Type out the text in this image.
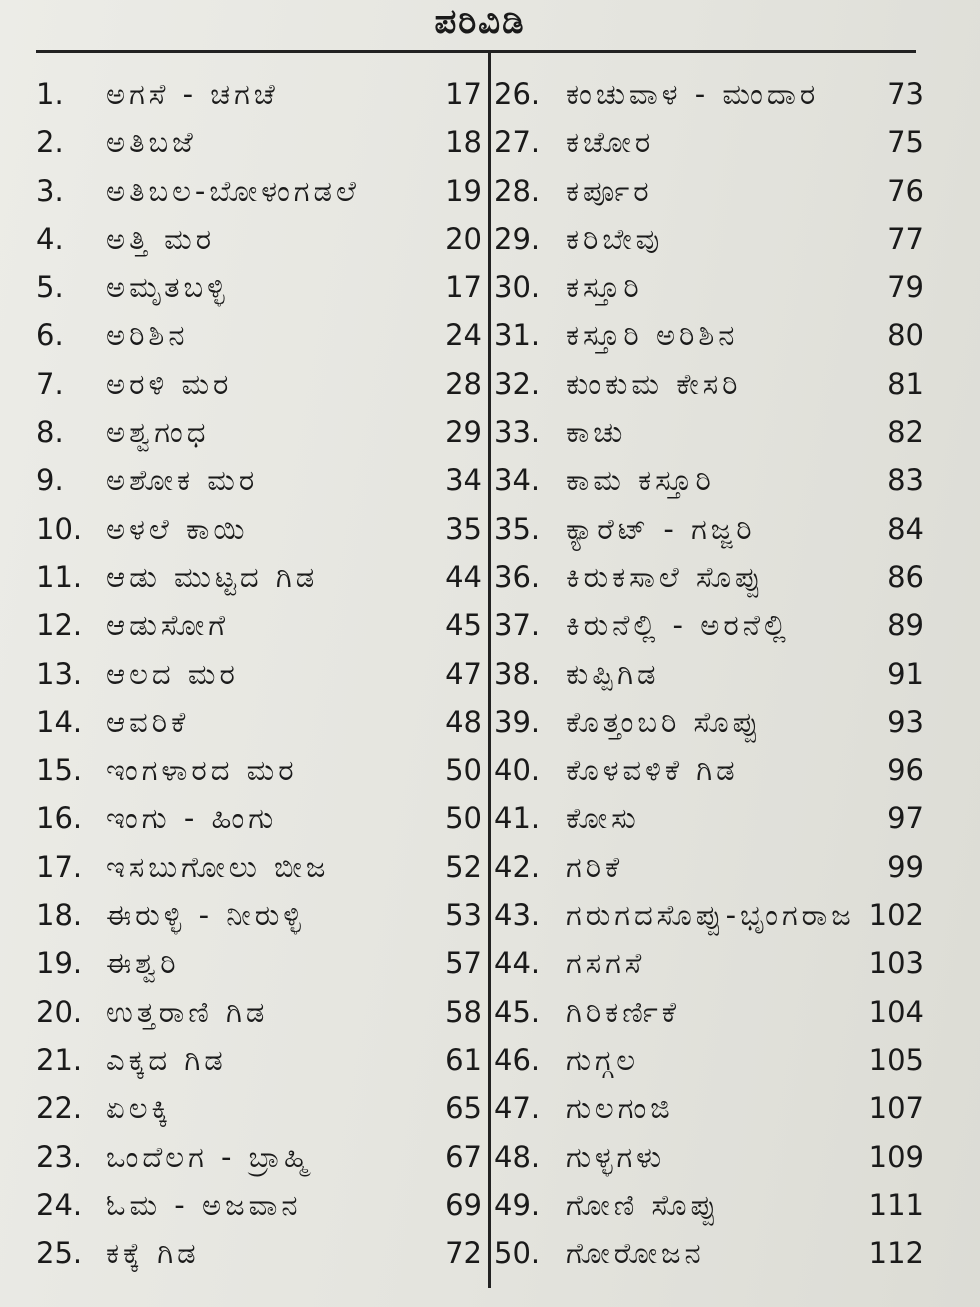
ಪರಿವಿಡಿ
1. ಅಗಸೆ - ಚಗಚೆ	17
2. ಅತಿಬಜೆ	18
3. ಅತಿಬಲ-ಬೋಳಂಗಡಲೆ	19
4. ಅತ್ತಿ ಮರ	20
5. ಅಮೃತಬಳ್ಳಿ	17
6. ಅರಿಶಿನ	24
7. ಅರಳಿ ಮರ	28
8. ಅಶ್ವಗಂಧ	29
9. ಅಶೋಕ ಮರ	34
10. ಅಳಲೆ ಕಾಯಿ	35
11. ಆಡು ಮುಟ್ಟದ ಗಿಡ	44
12. ಆಡುಸೋಗೆ	45
13. ಆಲದ ಮರ	47
14. ಆವರಿಕೆ	48
15. ಇಂಗಳಾರದ ಮರ	50
16. ಇಂಗು - ಹಿಂಗು	50
17. ಇಸಬುಗೋಲು ಬೀಜ	52
18. ಈರುಳ್ಳಿ - ನೀರುಳ್ಳಿ	53
19. ಈಶ್ವರಿ	57
20. ಉತ್ತರಾಣಿ ಗಿಡ	58
21. ಎಕ್ಕದ ಗಿಡ	61
22. ಏಲಕ್ಕಿ	65
23. ಒಂದೆಲಗ - ಬ್ರಾಹ್ಮಿ	67
24. ಓಮ - ಅಜವಾನ	69
25. ಕಕ್ಕೆ ಗಿಡ	72
26. ಕಂಚುವಾಳ - ಮಂದಾರ 73
27. ಕಚೋರ	75
28. ಕರ್ಪೂರ	76
29. ಕರಿಬೇವು	77
30. ಕಸ್ತೂರಿ	79
31. ಕಸ್ತೂರಿ ಅರಿಶಿನ	80
32. ಕುಂಕುಮ ಕೇಸರಿ	81
33. ಕಾಚು	82
34. ಕಾಮ ಕಸ್ತೂರಿ	83
35. ಕ್ಯಾರೆಟ್ - ಗಜ್ಜರಿ	84
36. ಕಿರುಕಸಾಲೆ ಸೊಪ್ಪು	86
37. ಕಿರುನೆಲ್ಲಿ - ಅರನೆಲ್ಲಿ	89
38. ಕುಪ್ಪಿಗಿಡ	91
39. ಕೊತ್ತಂಬರಿ ಸೊಪ್ಪು	93
40. ಕೊಳವಳಿಕೆ ಗಿಡ	96
41. ಕೋಸು	97
42. ಗರಿಕೆ	99
43. ಗರುಗದಸೊಪ್ಪು-ಭೃಂಗರಾಜ 102
44. ಗಸಗಸೆ	103
45. ಗಿರಿಕರ್ಣಿಕೆ	104
46. ಗುಗ್ಗಲ	105
47. ಗುಲಗಂಜಿ	107
48. ಗುಳ್ಳಗಳು	109
49. ಗೋಣಿ ಸೊಪ್ಪು	111
50. ಗೋರೋಜನ	112
